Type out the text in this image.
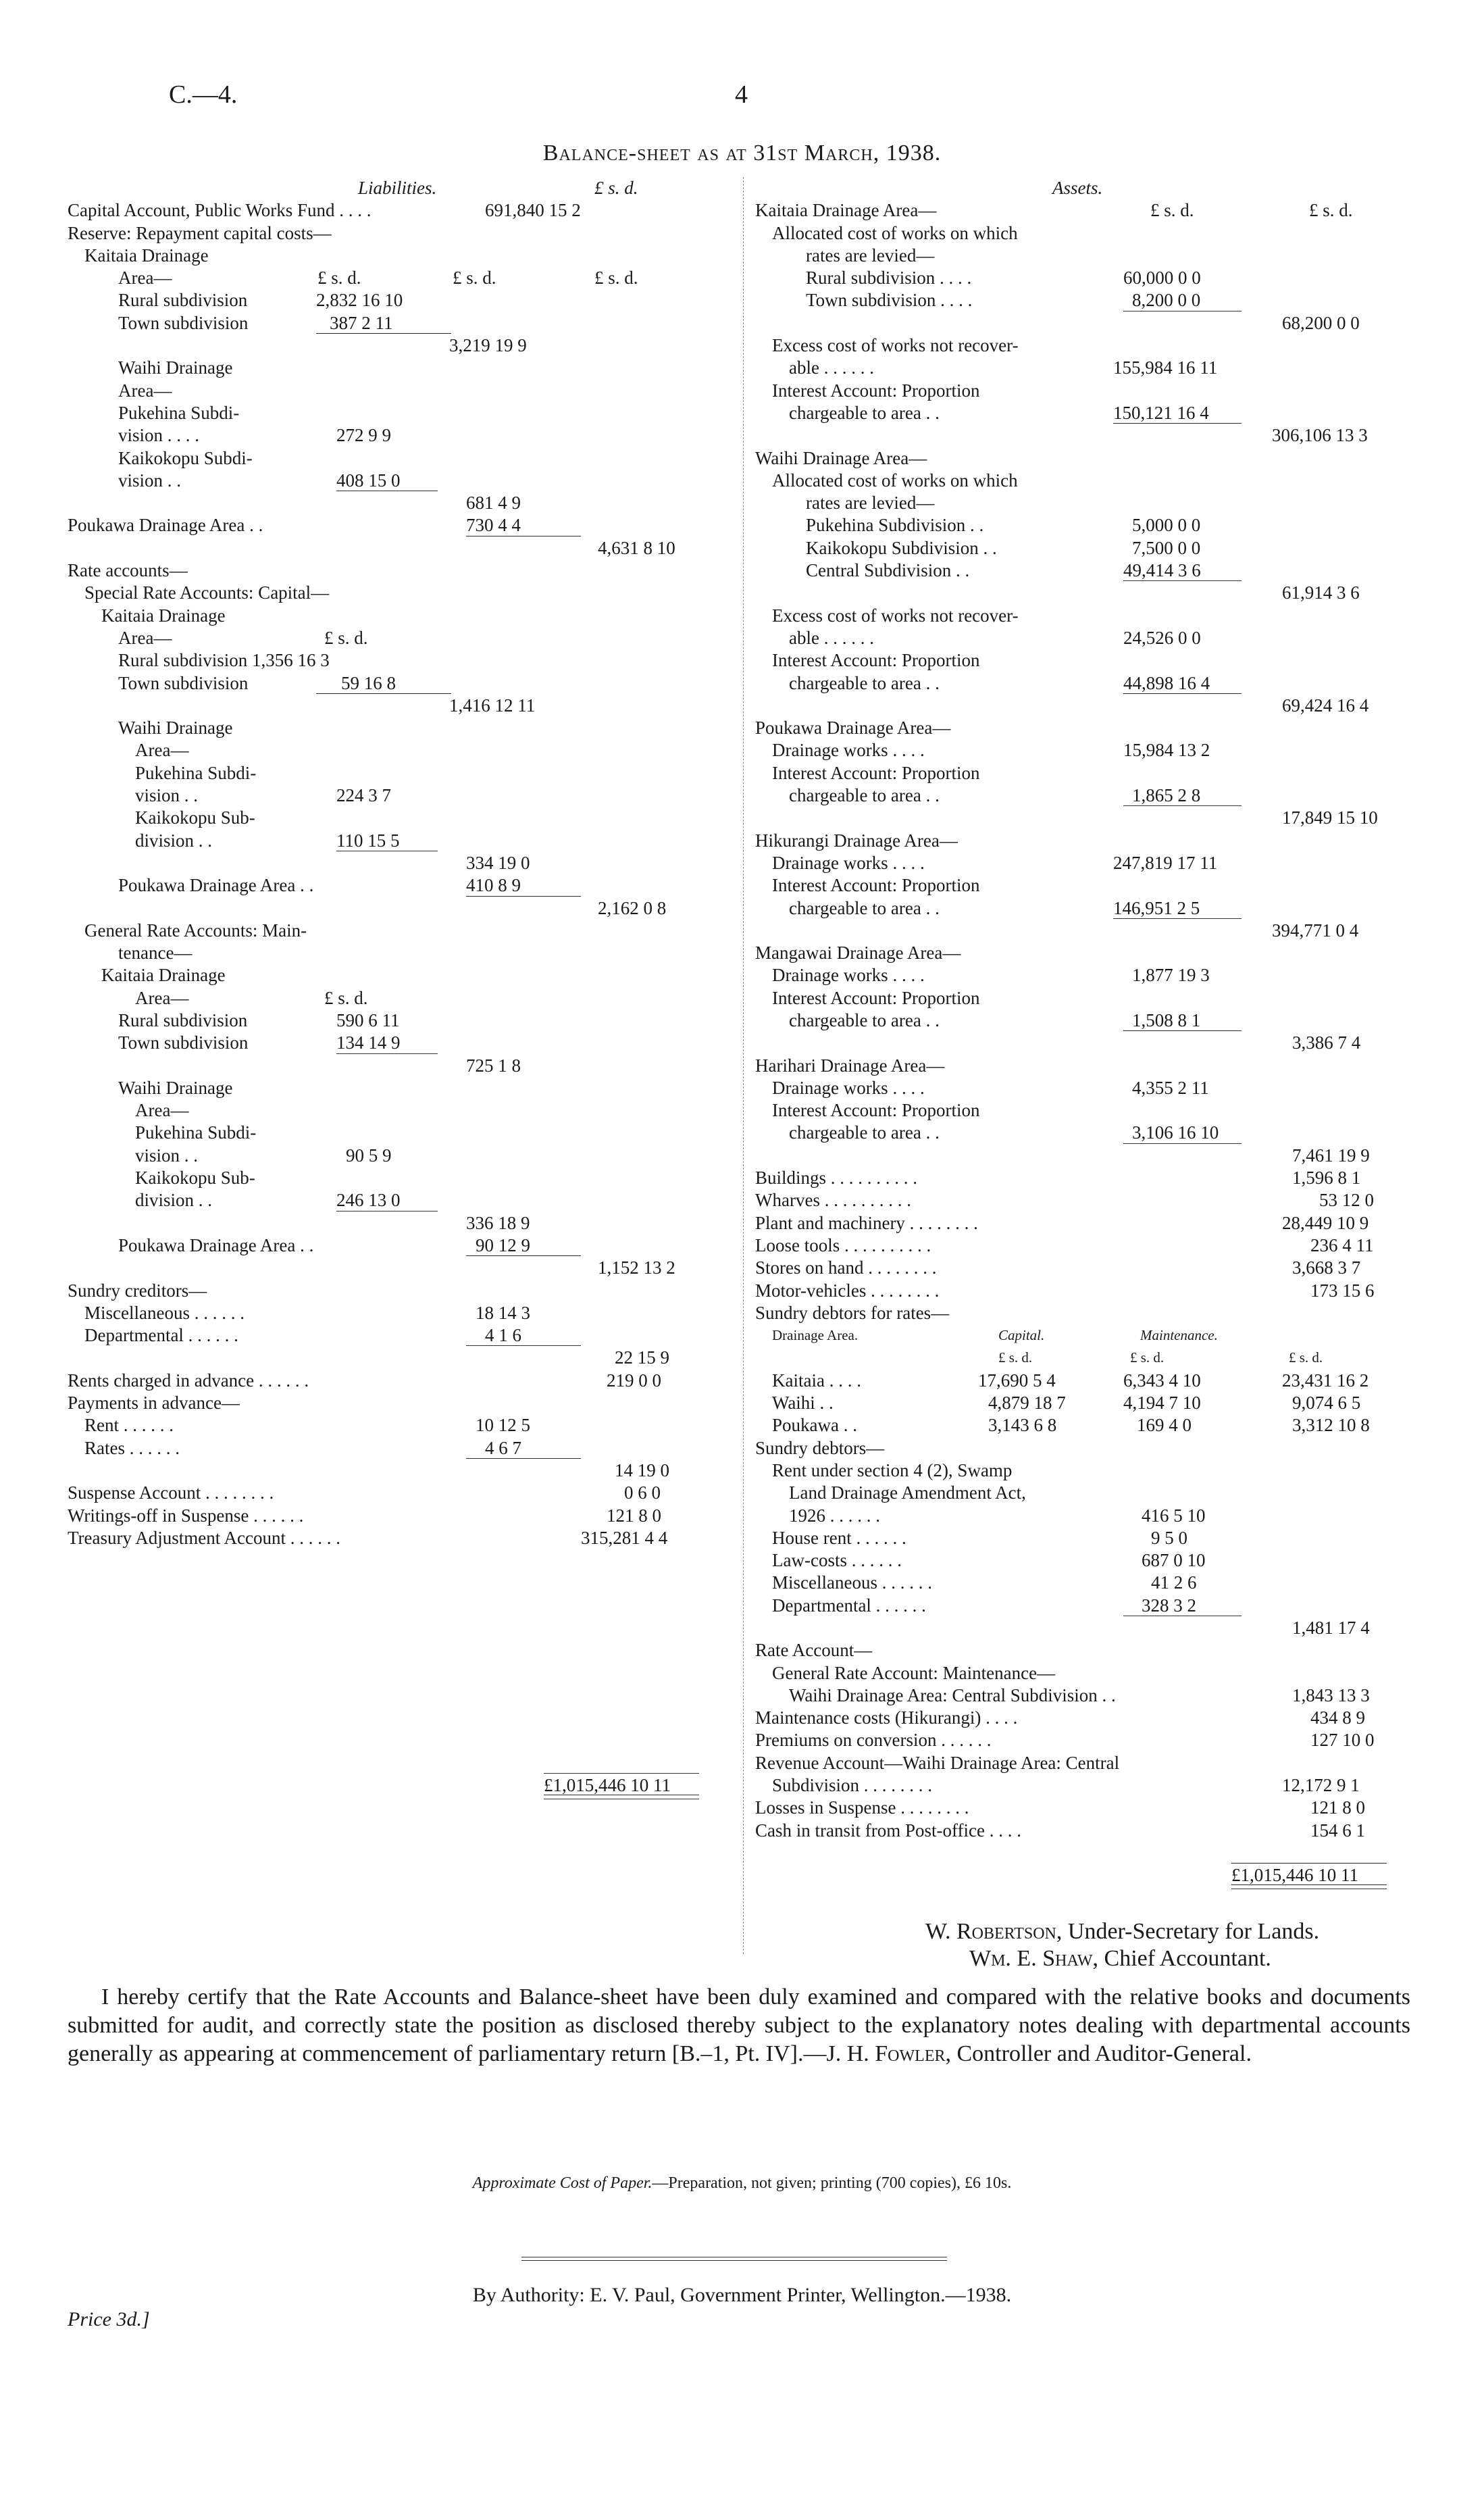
C.—4.	4
Balance-sheet as at 31st March, 1938.
Liabilities.	£ s. d.
Capital Account, Public Works Fund . . . .	691,840 15 2
Reserve: Repayment capital costs—
Kaitaia Drainage
Area—	£ s. d.	£ s. d.	£ s. d.
Rural subdivision	2,832 16 10
Town subdivision	387 2 11
3,219 19 9
Waihi Drainage
Area—
Pukehina Subdi-
vision . . . .	272 9 9
Kaikokopu Subdi-
vision . .	408 15 0
681 4 9
Poukawa Drainage Area . .	730 4 4
4,631 8 10
Rate accounts—
Special Rate Accounts: Capital—
Kaitaia Drainage
Area—	£ s. d.
Rural subdivision 1,356 16 3
Town subdivision	59 16 8
1,416 12 11
Waihi Drainage
Area—
Pukehina Subdi-
vision . .	224 3 7
Kaikokopu Sub-
division . .	110 15 5
334 19 0
Poukawa Drainage Area . .	410 8 9
2,162 0 8
General Rate Accounts: Main-
tenance—
Kaitaia Drainage
Area—	£ s. d.
Rural subdivision	590 6 11
Town subdivision	134 14 9
725 1 8
Waihi Drainage
Area—
Pukehina Subdi-
vision . .	90 5 9
Kaikokopu Sub-
division . .	246 13 0
336 18 9
Poukawa Drainage Area . .	90 12 9
1,152 13 2
Sundry creditors—
Miscellaneous . . . . . .	18 14 3
Departmental . . . . . .	4 1 6
22 15 9
Rents charged in advance . . . . . .	219 0 0
Payments in advance—
Rent . . . . . .	10 12 5
Rates . . . . . .	4 6 7
14 19 0
Suspense Account . . . . . . . .	0 6 0
Writings-off in Suspense . . . . . .	121 8 0
Treasury Adjustment Account . . . . . .	315,281 4 4
£1,015,446 10 11
Assets.
Kaitaia Drainage Area—	£ s. d.	£ s. d.
Allocated cost of works on which
rates are levied—
Rural subdivision . . . .	60,000 0 0
Town subdivision . . . .	8,200 0 0
68,200 0 0
Excess cost of works not recover-
able . . . . . .	155,984 16 11
Interest Account: Proportion
chargeable to area . .	150,121 16 4
306,106 13 3
Waihi Drainage Area—
Allocated cost of works on which
rates are levied—
Pukehina Subdivision . .	5,000 0 0
Kaikokopu Subdivision . .	7,500 0 0
Central Subdivision . .	49,414 3 6
61,914 3 6
Excess cost of works not recover-
able . . . . . .	24,526 0 0
Interest Account: Proportion
chargeable to area . .	44,898 16 4
69,424 16 4
Poukawa Drainage Area—
Drainage works . . . .	15,984 13 2
Interest Account: Proportion
chargeable to area . .	1,865 2 8
17,849 15 10
Hikurangi Drainage Area—
Drainage works . . . .	247,819 17 11
Interest Account: Proportion
chargeable to area . .	146,951 2 5
394,771 0 4
Mangawai Drainage Area—
Drainage works . . . .	1,877 19 3
Interest Account: Proportion
chargeable to area . .	1,508 8 1
3,386 7 4
Harihari Drainage Area—
Drainage works . . . .	4,355 2 11
Interest Account: Proportion
chargeable to area . .	3,106 16 10
7,461 19 9
Buildings . . . . . . . . . .	1,596 8 1
Wharves . . . . . . . . . .	53 12 0
Plant and machinery . . . . . . . .	28,449 10 9
Loose tools . . . . . . . . . .	236 4 11
Stores on hand . . . . . . . .	3,668 3 7
Motor-vehicles . . . . . . . .	173 15 6
Sundry debtors for rates—
Drainage Area.	Capital.	Maintenance.
£ s. d.	£ s. d.	£ s. d.
Kaitaia . . . .	17,690 5 4	6,343 4 10	23,431 16 2
Waihi . .	4,879 18 7	4,194 7 10	9,074 6 5
Poukawa . .	3,143 6 8	169 4 0	3,312 10 8
Sundry debtors—
Rent under section 4 (2), Swamp
Land Drainage Amendment Act,
1926 . . . . . .	416 5 10
House rent . . . . . .	9 5 0
Law-costs . . . . . .	687 0 10
Miscellaneous . . . . . .	41 2 6
Departmental . . . . . .	328 3 2
1,481 17 4
Rate Account—
General Rate Account: Maintenance—
Waihi Drainage Area: Central Subdivision . .	1,843 13 3
Maintenance costs (Hikurangi) . . . .	434 8 9
Premiums on conversion . . . . . .	127 10 0
Revenue Account—Waihi Drainage Area: Central
Subdivision . . . . . . . .	12,172 9 1
Losses in Suspense . . . . . . . .	121 8 0
Cash in transit from Post-office . . . .	154 6 1
£1,015,446 10 11
W. Robertson, Under-Secretary for Lands.
Wm. E. Shaw, Chief Accountant.
I hereby certify that the Rate Accounts and Balance-sheet have been duly examined and compared with the relative books and documents submitted for audit, and correctly state the position as disclosed thereby subject to the explanatory notes dealing with departmental accounts generally as appearing at commencement of parliamentary return [B.–1, Pt. IV].—J. H. Fowler, Controller and Auditor-General.
Approximate Cost of Paper.—Preparation, not given; printing (700 copies), £6 10s.
By Authority: E. V. Paul, Government Printer, Wellington.—1938.
Price 3d.]
